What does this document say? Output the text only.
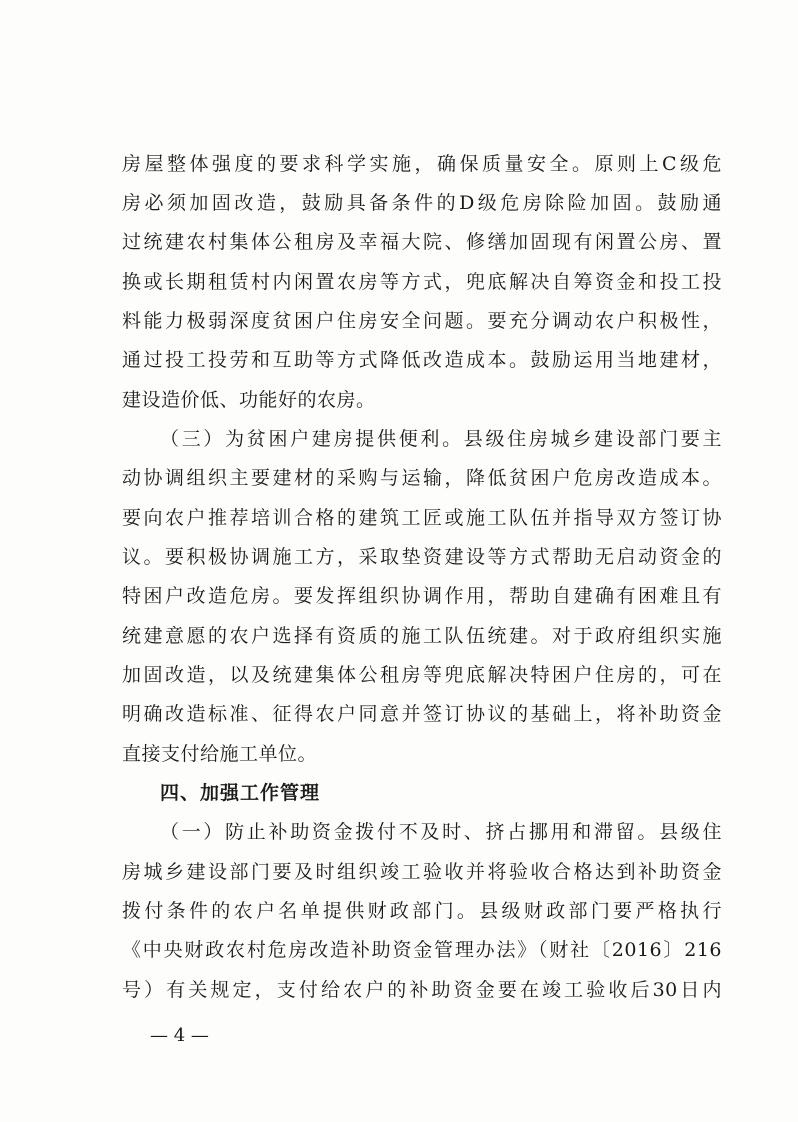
房屋整体强度的要求科学实施，确保质量安全。原则上C级危
房必须加固改造，鼓励具备条件的D级危房除险加固。鼓励通
过统建农村集体公租房及幸福大院、修缮加固现有闲置公房、置
换或长期租赁村内闲置农房等方式，兜底解决自筹资金和投工投
料能力极弱深度贫困户住房安全问题。要充分调动农户积极性，
通过投工投劳和互助等方式降低改造成本。鼓励运用当地建材，
建设造价低、功能好的农房。
（三）为贫困户建房提供便利。县级住房城乡建设部门要主
动协调组织主要建材的采购与运输，降低贫困户危房改造成本。
要向农户推荐培训合格的建筑工匠或施工队伍并指导双方签订协
议。要积极协调施工方，采取垫资建设等方式帮助无启动资金的
特困户改造危房。要发挥组织协调作用，帮助自建确有困难且有
统建意愿的农户选择有资质的施工队伍统建。对于政府组织实施
加固改造，以及统建集体公租房等兜底解决特困户住房的，可在
明确改造标准、征得农户同意并签订协议的基础上，将补助资金
直接支付给施工单位。
四、加强工作管理
（一）防止补助资金拨付不及时、挤占挪用和滞留。县级住
房城乡建设部门要及时组织竣工验收并将验收合格达到补助资金
拨付条件的农户名单提供财政部门。县级财政部门要严格执行
《中央财政农村危房改造补助资金管理办法》（财社〔2016〕216
号）有关规定，支付给农户的补助资金要在竣工验收后30日内
— 4 —
